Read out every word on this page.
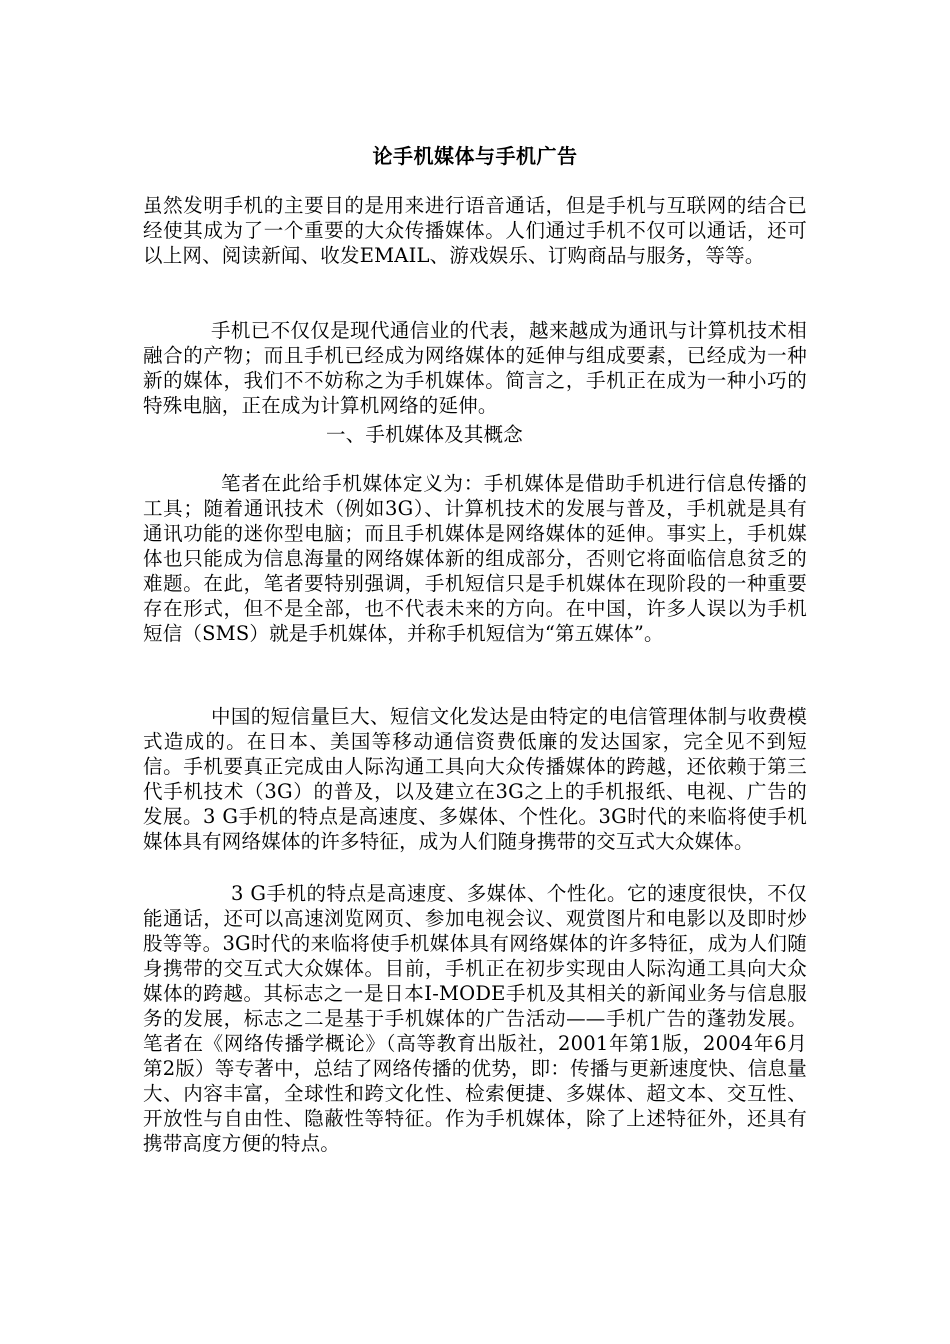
论手机媒体与手机广告
虽然发明手机的主要目的是用来进行语音通话，但是手机与互联网的结合已经使其成为了一个重要的大众传播媒体。人们通过手机不仅可以通话，还可以上网、阅读新闻、收发EMAIL、游戏娱乐、订购商品与服务，等等。
手机已不仅仅是现代通信业的代表，越来越成为通讯与计算机技术相融合的产物；而且手机已经成为网络媒体的延伸与组成要素，已经成为一种新的媒体，我们不不妨称之为手机媒体。简言之，手机正在成为一种小巧的特殊电脑，正在成为计算机网络的延伸。
一、手机媒体及其概念
笔者在此给手机媒体定义为：手机媒体是借助手机进行信息传播的工具；随着通讯技术（例如3G）、计算机技术的发展与普及，手机就是具有通讯功能的迷你型电脑；而且手机媒体是网络媒体的延伸。事实上，手机媒体也只能成为信息海量的网络媒体新的组成部分，否则它将面临信息贫乏的难题。在此，笔者要特别强调，手机短信只是手机媒体在现阶段的一种重要存在形式，但不是全部，也不代表未来的方向。在中国，许多人误以为手机短信（SMS）就是手机媒体，并称手机短信为“第五媒体”。
中国的短信量巨大、短信文化发达是由特定的电信管理体制与收费模式造成的。在日本、美国等移动通信资费低廉的发达国家，完全见不到短信。手机要真正完成由人际沟通工具向大众传播媒体的跨越，还依赖于第三代手机技术（3G）的普及，以及建立在3G之上的手机报纸、电视、广告的发展。3 G手机的特点是高速度、多媒体、个性化。3G时代的来临将使手机媒体具有网络媒体的许多特征，成为人们随身携带的交互式大众媒体。
3 G手机的特点是高速度、多媒体、个性化。它的速度很快，不仅能通话，还可以高速浏览网页、参加电视会议、观赏图片和电影以及即时炒股等等。3G时代的来临将使手机媒体具有网络媒体的许多特征，成为人们随身携带的交互式大众媒体。目前，手机正在初步实现由人际沟通工具向大众媒体的跨越。其标志之一是日本I-MODE手机及其相关的新闻业务与信息服务的发展，标志之二是基于手机媒体的广告活动——手机广告的蓬勃发展。笔者在《网络传播学概论》（高等教育出版社，2001年第1版，2004年6月第2版）等专著中，总结了网络传播的优势，即：传播与更新速度快、信息量大、内容丰富，全球性和跨文化性、检索便捷、多媒体、超文本、交互性、开放性与自由性、隐蔽性等特征。作为手机媒体，除了上述特征外，还具有携带高度方便的特点。
